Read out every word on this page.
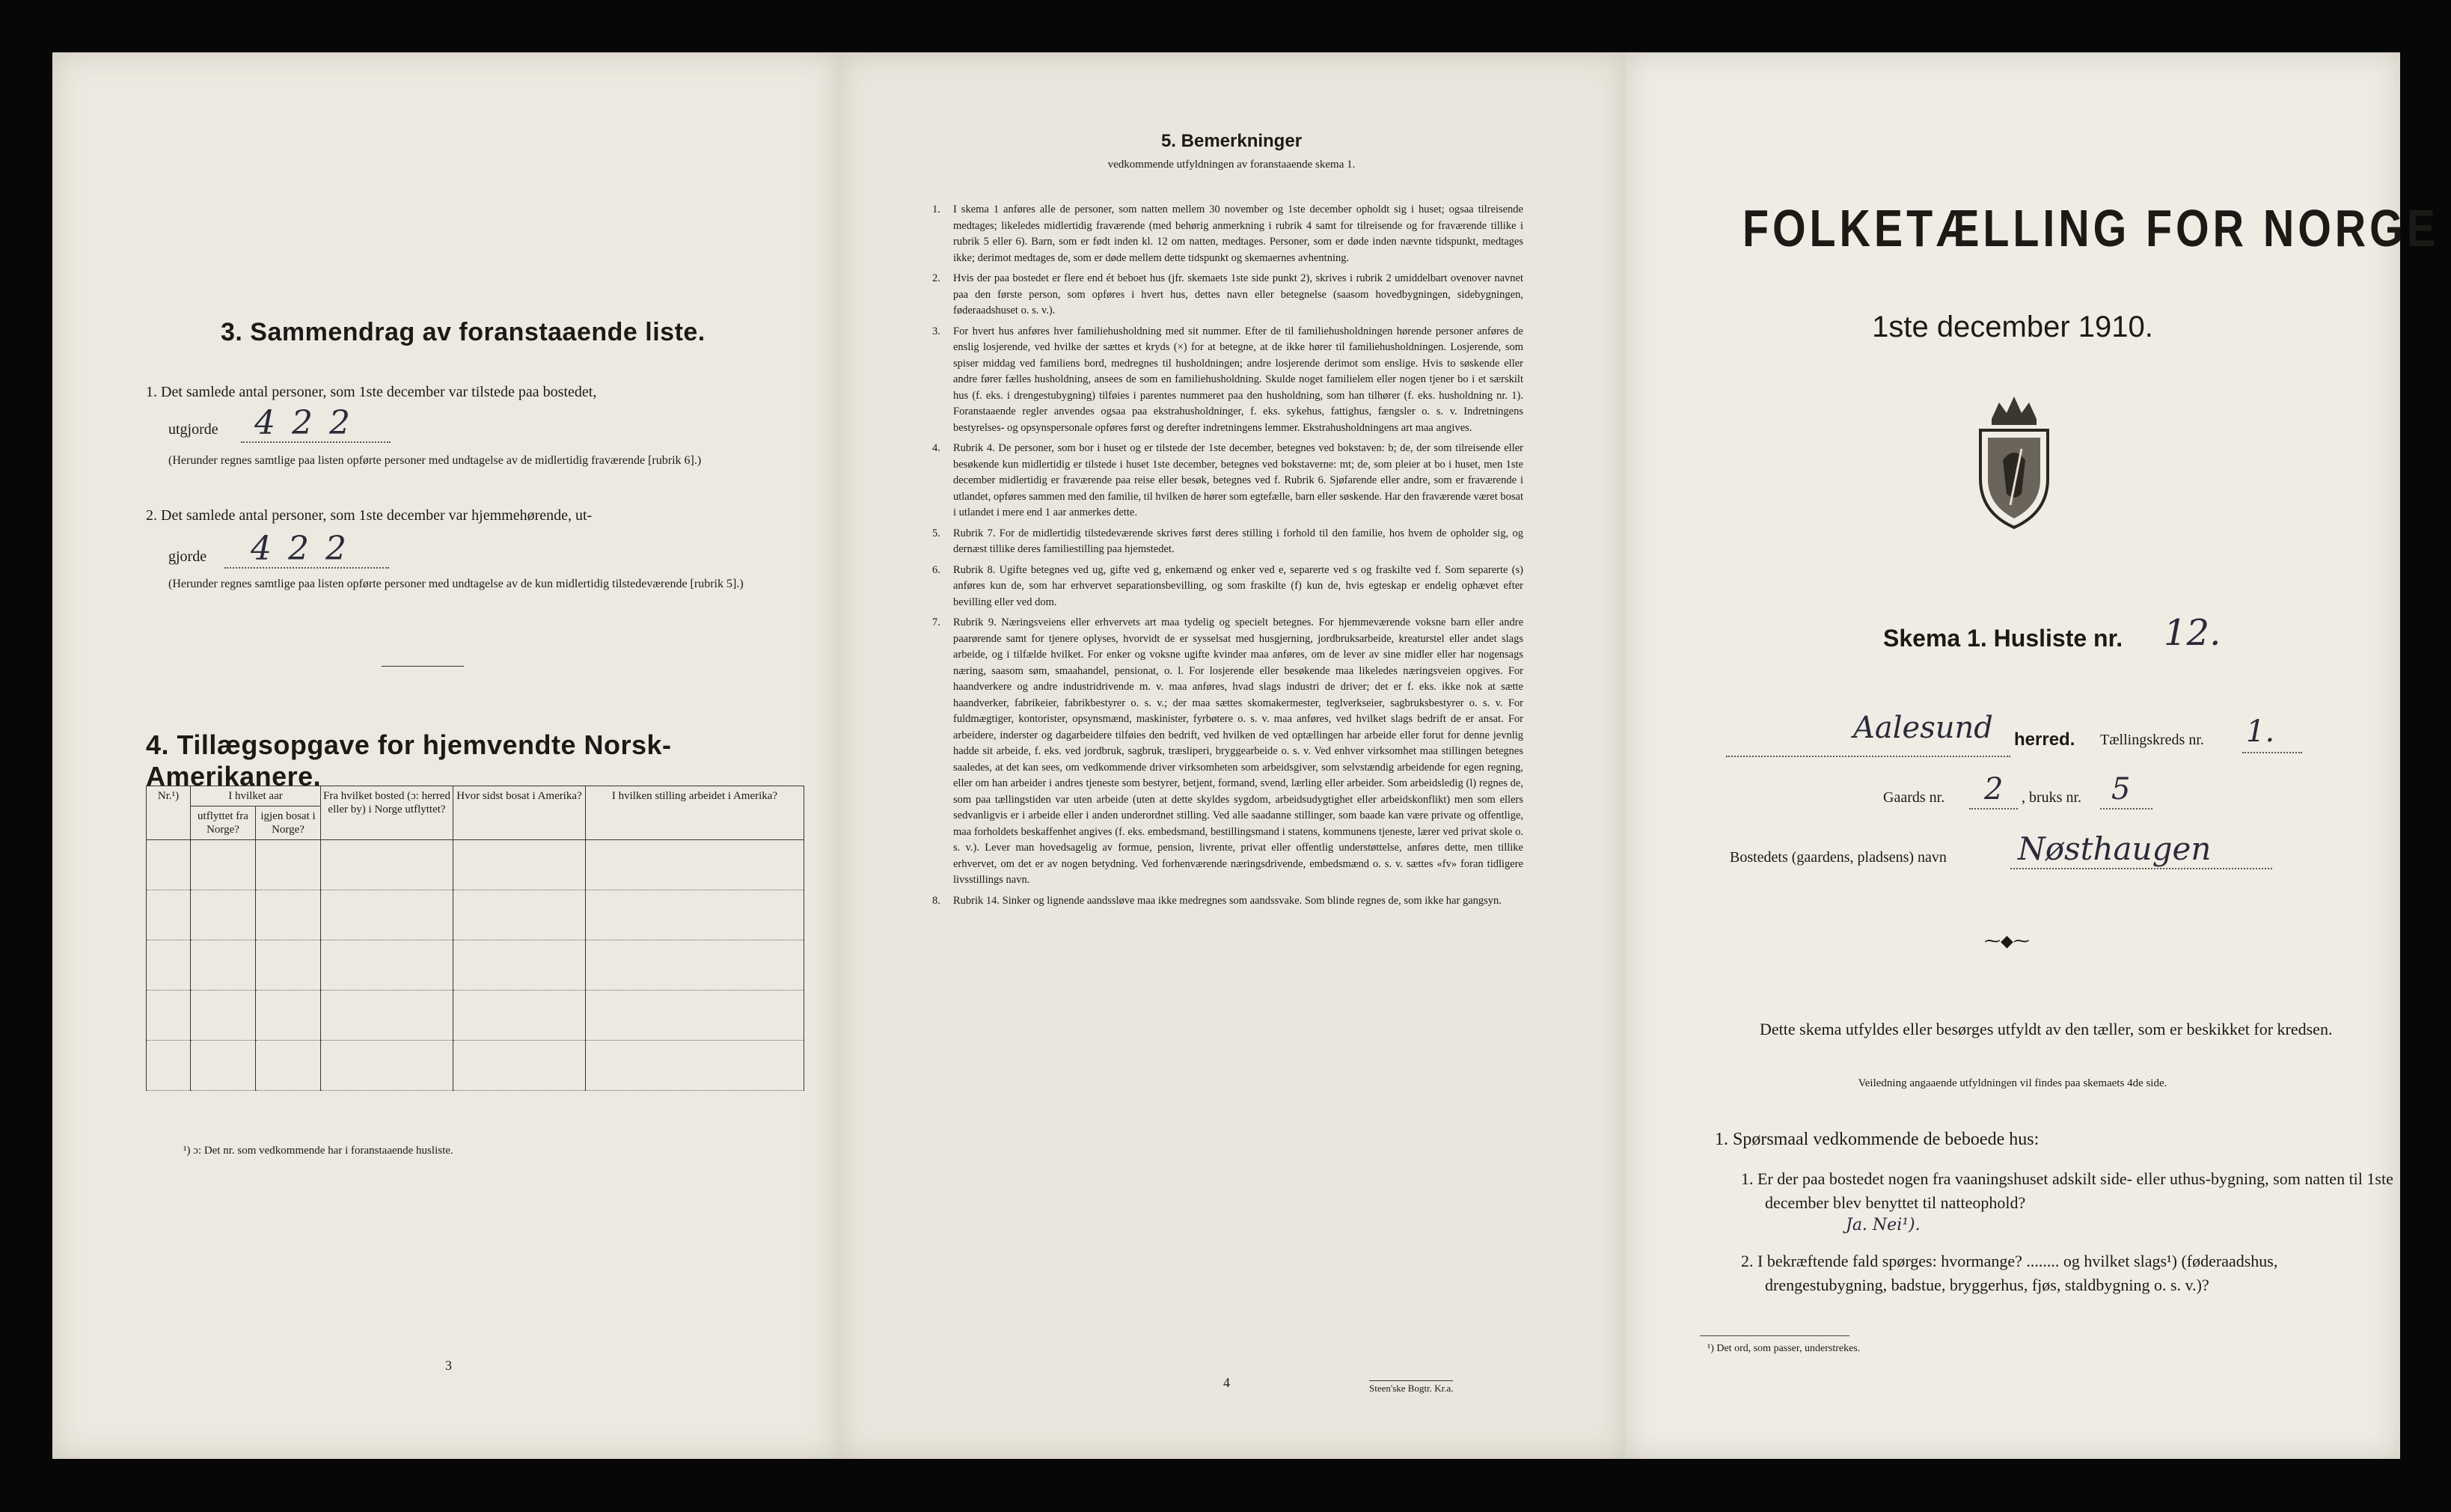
3. Sammendrag av foranstaaende liste.
1. Det samlede antal personer, som 1ste december var tilstede paa bostedet,
utgjorde 4 2 2
(Herunder regnes samtlige paa listen opførte personer med undtagelse av de midlertidig fraværende [rubrik 6].)
2. Det samlede antal personer, som 1ste december var hjemmehørende, ut-
gjorde 4 2 2
(Herunder regnes samtlige paa listen opførte personer med undtagelse av de kun midlertidig tilstedeværende [rubrik 5].)
4. Tillægsopgave for hjemvendte Norsk-Amerikanere.
Nr.¹)	I hvilket aar		Fra hvilket bosted (ɔ: herred eller by) i Norge utflyttet?	Hvor sidst bosat i Amerika?	I hvilken stilling arbeidet i Amerika?
	utflyttet fra Norge?	igjen bosat i Norge?			

¹) ɔ: Det nr. som vedkommende har i foranstaaende husliste.
3
5. Bemerkninger
vedkommende utfyldningen av foranstaaende skema 1.
1.	I skema 1 anføres alle de personer, som natten mellem 30 november og 1ste december opholdt sig i huset; ogsaa tilreisende medtages; likeledes midlertidig fraværende (med behørig anmerkning i rubrik 4 samt for tilreisende og for fraværende tillike i rubrik 5 eller 6). Barn, som er født inden kl. 12 om natten, medtages. Personer, som er døde inden nævnte tidspunkt, medtages ikke; derimot medtages de, som er døde mellem dette tidspunkt og skemaernes avhentning.
2.	Hvis der paa bostedet er flere end ét beboet hus (jfr. skemaets 1ste side punkt 2), skrives i rubrik 2 umiddelbart ovenover navnet paa den første person, som opføres i hvert hus, dettes navn eller betegnelse (saasom hovedbygningen, sidebygningen, føderaadshuset o. s. v.).
3.	For hvert hus anføres hver familiehusholdning med sit nummer. Efter de til familiehusholdningen hørende personer anføres de enslig losjerende, ved hvilke der sættes et kryds (×) for at betegne, at de ikke hører til familiehusholdningen. Losjerende, som spiser middag ved familiens bord, medregnes til husholdningen; andre losjerende derimot som enslige. Hvis to søskende eller andre fører fælles husholdning, ansees de som en familiehusholdning. Skulde noget familielem eller nogen tjener bo i et særskilt hus (f. eks. i drengestubygning) tilføies i parentes nummeret paa den husholdning, som han tilhører (f. eks. husholdning nr. 1). Foranstaaende regler anvendes ogsaa paa ekstrahusholdninger, f. eks. sykehus, fattighus, fængsler o. s. v. Indretningens bestyrelses- og opsynspersonale opføres først og derefter indretningens lemmer. Ekstrahusholdningens art maa angives.
4.	Rubrik 4. De personer, som bor i huset og er tilstede der 1ste december, betegnes ved bokstaven: b; de, der som tilreisende eller besøkende kun midlertidig er tilstede i huset 1ste december, betegnes ved bokstaverne: mt; de, som pleier at bo i huset, men 1ste december midlertidig er fraværende paa reise eller besøk, betegnes ved f. Rubrik 6. Sjøfarende eller andre, som er fraværende i utlandet, opføres sammen med den familie, til hvilken de hører som egtefælle, barn eller søskende. Har den fraværende været bosat i utlandet i mere end 1 aar anmerkes dette.
5.	Rubrik 7. For de midlertidig tilstedeværende skrives først deres stilling i forhold til den familie, hos hvem de opholder sig, og dernæst tillike deres familiestilling paa hjemstedet.
6.	Rubrik 8. Ugifte betegnes ved ug, gifte ved g, enkemænd og enker ved e, separerte ved s og fraskilte ved f. Som separerte (s) anføres kun de, som har erhvervet separationsbevilling, og som fraskilte (f) kun de, hvis egteskap er endelig ophævet efter bevilling eller ved dom.
7.	Rubrik 9. Næringsveiens eller erhvervets art maa tydelig og specielt betegnes. For hjemmeværende voksne barn eller andre paarørende samt for tjenere oplyses, hvorvidt de er sysselsat med husgjerning, jordbruksarbeide, kreaturstel eller andet slags arbeide, og i tilfælde hvilket. For enker og voksne ugifte kvinder maa anføres, om de lever av sine midler eller har nogensags næring, saasom søm, smaahandel, pensionat, o. l. For losjerende eller besøkende maa likeledes næringsveien opgives. For haandverkere og andre industridrivende m. v. maa anføres, hvad slags industri de driver; det er f. eks. ikke nok at sætte haandverker, fabrikeier, fabrikbestyrer o. s. v.; der maa sættes skomakermester, teglverkseier, sagbruksbestyrer o. s. v. For fuldmægtiger, kontorister, opsynsmænd, maskinister, fyrbøtere o. s. v. maa anføres, ved hvilket slags bedrift de er ansat. For arbeidere, inderster og dagarbeidere tilføies den bedrift, ved hvilken de ved optællingen har arbeide eller forut for denne jevnlig hadde sit arbeide, f. eks. ved jordbruk, sagbruk, træsliperi, bryggearbeide o. s. v. Ved enhver virksomhet maa stillingen betegnes saaledes, at det kan sees, om vedkommende driver virksomheten som arbeidsgiver, som selvstændig arbeidende for egen regning, eller om han arbeider i andres tjeneste som bestyrer, betjent, formand, svend, lærling eller arbeider. Som arbeidsledig (l) regnes de, som paa tællingstiden var uten arbeide (uten at dette skyldes sygdom, arbeidsudygtighet eller arbeidskonflikt) men som ellers sedvanligvis er i arbeide eller i anden underordnet stilling. Ved alle saadanne stillinger, som baade kan være private og offentlige, maa forholdets beskaffenhet angives (f. eks. embedsmand, bestillingsmand i statens, kommunens tjeneste, lærer ved privat skole o. s. v.). Lever man hovedsagelig av formue, pension, livrente, privat eller offentlig understøttelse, anføres dette, men tillike erhvervet, om det er av nogen betydning. Ved forhenværende næringsdrivende, embedsmænd o. s. v. sættes «fv» foran tidligere livsstillings navn.
8.	Rubrik 14. Sinker og lignende aandssløve maa ikke medregnes som aandssvake. Som blinde regnes de, som ikke har gangsyn.
4	Steen'ske Bogtr. Kr.a.
FOLKETÆLLING FOR NORGE
1ste december 1910.
Skema 1. Husliste nr. 12.
Aalesund herred. Tællingskreds nr. 1.
Gaards nr. 2 , bruks nr. 5
Bostedets (gaardens, pladsens) navn Nøsthaugen
⁓◆⁓
Dette skema utfyldes eller besørges utfyldt av den tæller, som er beskikket for kredsen.
Veiledning angaaende utfyldningen vil findes paa skemaets 4de side.
1. Spørsmaal vedkommende de beboede hus:
1. Er der paa bostedet nogen fra vaaningshuset adskilt side- eller uthus-bygning, som natten til 1ste december blev benyttet til natteophold?
Ja. Nei¹).
2. I bekræftende fald spørges: hvormange? ........ og hvilket slags¹) (føderaadshus, drengestubygning, badstue, bryggerhus, fjøs, staldbygning o. s. v.)?
¹) Det ord, som passer, understrekes.
